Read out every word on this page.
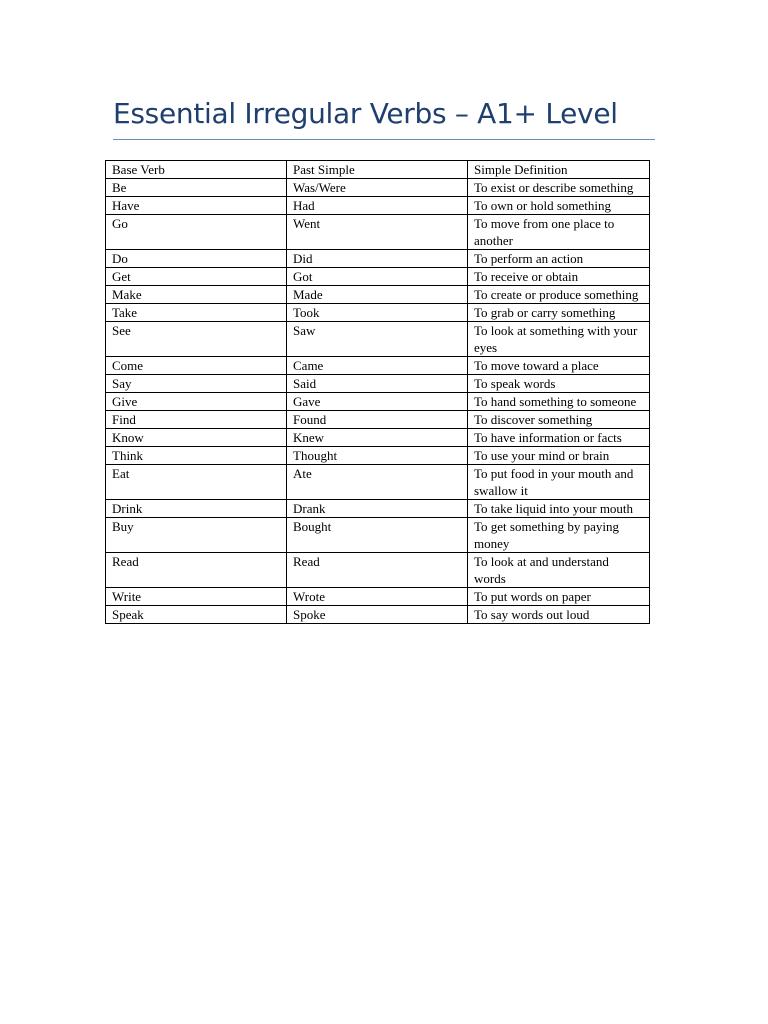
Essential Irregular Verbs – A1+ Level
Base Verb	Past Simple	Simple Definition
Be	Was/Were	To exist or describe something
Have	Had	To own or hold something
Go	Went	To move from one place to another
Do	Did	To perform an action
Get	Got	To receive or obtain
Make	Made	To create or produce something
Take	Took	To grab or carry something
See	Saw	To look at something with your eyes
Come	Came	To move toward a place
Say	Said	To speak words
Give	Gave	To hand something to someone
Find	Found	To discover something
Know	Knew	To have information or facts
Think	Thought	To use your mind or brain
Eat	Ate	To put food in your mouth and swallow it
Drink	Drank	To take liquid into your mouth
Buy	Bought	To get something by paying money
Read	Read	To look at and understand words
Write	Wrote	To put words on paper
Speak	Spoke	To say words out loud
